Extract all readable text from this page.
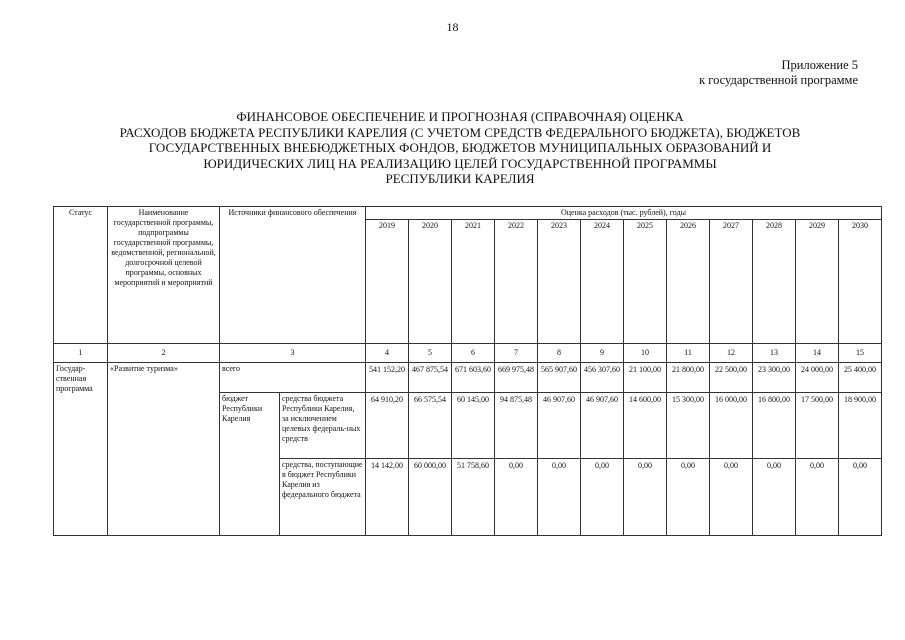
18
Приложение 5
к государственной программе
ФИНАНСОВОЕ ОБЕСПЕЧЕНИЕ И ПРОГНОЗНАЯ (СПРАВОЧНАЯ) ОЦЕНКА
РАСХОДОВ БЮДЖЕТА РЕСПУБЛИКИ КАРЕЛИЯ (С УЧЕТОМ СРЕДСТВ ФЕДЕРАЛЬНОГО БЮДЖЕТА), БЮДЖЕТОВ
ГОСУДАРСТВЕННЫХ ВНЕБЮДЖЕТНЫХ ФОНДОВ, БЮДЖЕТОВ МУНИЦИПАЛЬНЫХ ОБРАЗОВАНИЙ И
ЮРИДИЧЕСКИХ ЛИЦ НА РЕАЛИЗАЦИЮ ЦЕЛЕЙ ГОСУДАРСТВЕННОЙ ПРОГРАММЫ
РЕСПУБЛИКИ КАРЕЛИЯ
Статус	Наименование государственной программы, подпрограммы государственной программы, ведомственной, региональной, долгосрочной целевой программы, основных мероприятий и мероприятий	Источники финансового обеспечения		Оценка расходов (тыс. рублей), годы											
				2019	2020	2021	2022	2023	2024	2025	2026	2027	2028	2029	2030
1	2	3		4	5	6	7	8	9	10	11	12	13	14	15
Государ-ственная программа	«Развитие туризма»	всего		541 152,20	467 875,54	671 603,60	669 975,48	565 907,60	456 307,60	21 100,00	21 800,00	22 500,00	23 300,00	24 000,00	25 400,00
		бюджет Республики Карелия	средства бюджета Республики Карелия, за исключением целевых федераль-ных средств	64 910,20	66 575,54	60 145,00	94 875,48	46 907,60	46 907,60	14 600,00	15 300,00	16 000,00	16 800,00	17 500,00	18 900,00
			средства, поступающие в бюджет Республики Карелия из федерального бюджета	14 142,00	60 000,00	51 758,60	0,00	0,00	0,00	0,00	0,00	0,00	0,00	0,00	0,00
